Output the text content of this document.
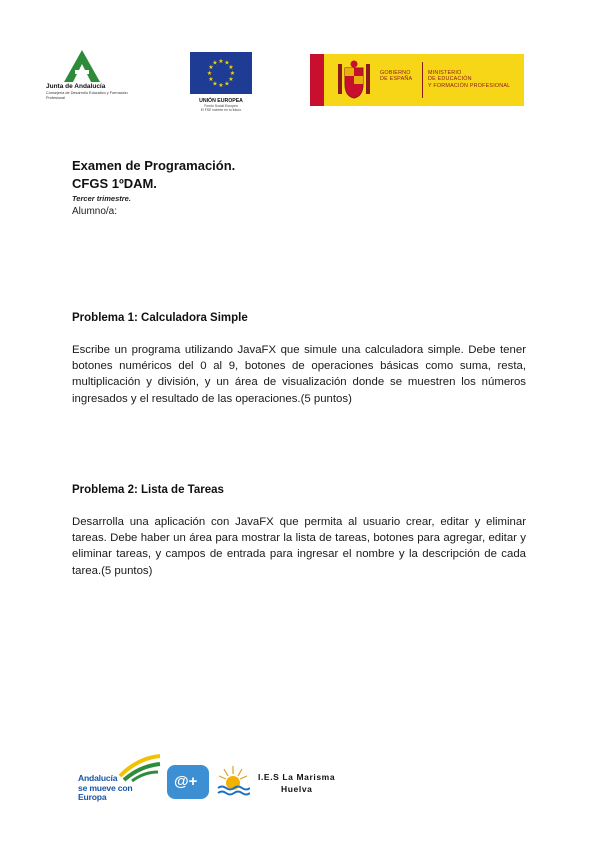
Junta de Andalucía
Consejería de Desarrollo Educativo y Formación Profesional
★ ★
★
★
★
★
★
★
★
★
★
★
UNIÓN EUROPEA
Fondo Social Europeo
El FSE invierte en tu futuro
GOBIERNO
DE ESPAÑA
MINISTERIO
DE EDUCACIÓN
Y FORMACIÓN PROFESIONAL
Examen de Programación.
CFGS 1ºDAM.
Tercer trimestre.
Alumno/a:
Problema 1: Calculadora Simple
Escribe un programa utilizando JavaFX que simule una calculadora simple. Debe tener botones numéricos del 0 al 9, botones de operaciones básicas como suma, resta, multiplicación y división, y un área de visualización donde se muestren los números ingresados y el resultado de las operaciones.(5 puntos)
Problema 2: Lista de Tareas
Desarrolla una aplicación con JavaFX que permita al usuario crear, editar y eliminar tareas. Debe haber un área para mostrar la lista de tareas, botones para agregar, editar y eliminar tareas, y campos de entrada para ingresar el nombre y la descripción de cada tarea.(5 puntos)
Andalucía
se mueve con Europa
@+	I.E.S La Marisma
Huelva
